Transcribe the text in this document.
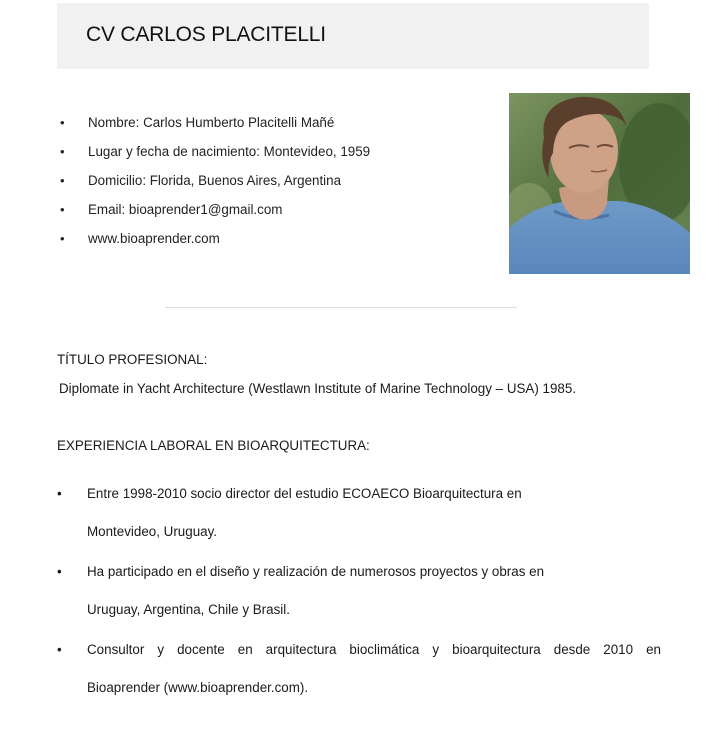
CV CARLOS PLACITELLI
• Nombre: Carlos Humberto Placitelli Mañé
• Lugar y fecha de nacimiento: Montevideo, 1959
• Domicilio: Florida, Buenos Aires, Argentina
• Email: bioaprender1@gmail.com
• www.bioaprender.com
TÍTULO PROFESIONAL:
Diplomate in Yacht Architecture (Westlawn Institute of Marine Technology – USA) 1985.
EXPERIENCIA LABORAL EN BIOARQUITECTURA:
• Entre 1998-2010 socio director del estudio ECOAECO Bioarquitectura en
Montevideo, Uruguay.
• Ha participado en el diseño y realización de numerosos proyectos y obras en
Uruguay, Argentina, Chile y Brasil.
• Consultor y docente en arquitectura bioclimática y bioarquitectura desde 2010 en
Bioaprender (www.bioaprender.com).
